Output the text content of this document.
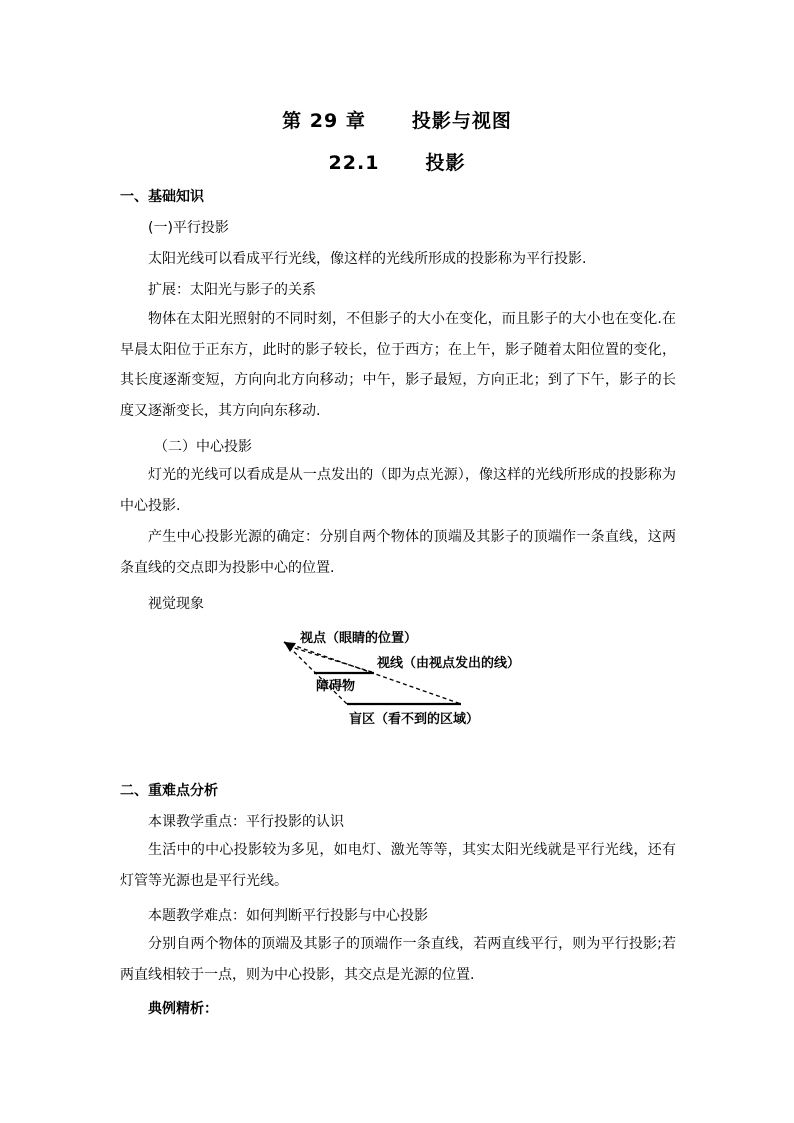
第 29 章 投影与视图
22.1 投影
一、基础知识
(一)平行投影
太阳光线可以看成平行光线，像这样的光线所形成的投影称为平行投影.
扩展：太阳光与影子的关系
物体在太阳光照射的不同时刻，不但影子的大小在变化，而且影子的大小也在变化.在早晨太阳位于正东方，此时的影子较长，位于西方；在上午，影子随着太阳位置的变化，其长度逐渐变短，方向向北方向移动；中午，影子最短，方向正北；到了下午，影子的长度又逐渐变长，其方向向东移动.
（二）中心投影
灯光的光线可以看成是从一点发出的（即为点光源），像这样的光线所形成的投影称为中心投影.
产生中心投影光源的确定：分别自两个物体的顶端及其影子的顶端作一条直线，这两条直线的交点即为投影中心的位置.
视觉现象
视点（眼睛的位置）
视线（由视点发出的线）
障碍物
盲区（看不到的区域）
二、重难点分析
本课教学重点：平行投影的认识
生活中的中心投影较为多见，如电灯、激光等等，其实太阳光线就是平行光线，还有灯管等光源也是平行光线。
本题教学难点：如何判断平行投影与中心投影
分别自两个物体的顶端及其影子的顶端作一条直线，若两直线平行，则为平行投影;若两直线相较于一点，则为中心投影，其交点是光源的位置.
典例精析：
